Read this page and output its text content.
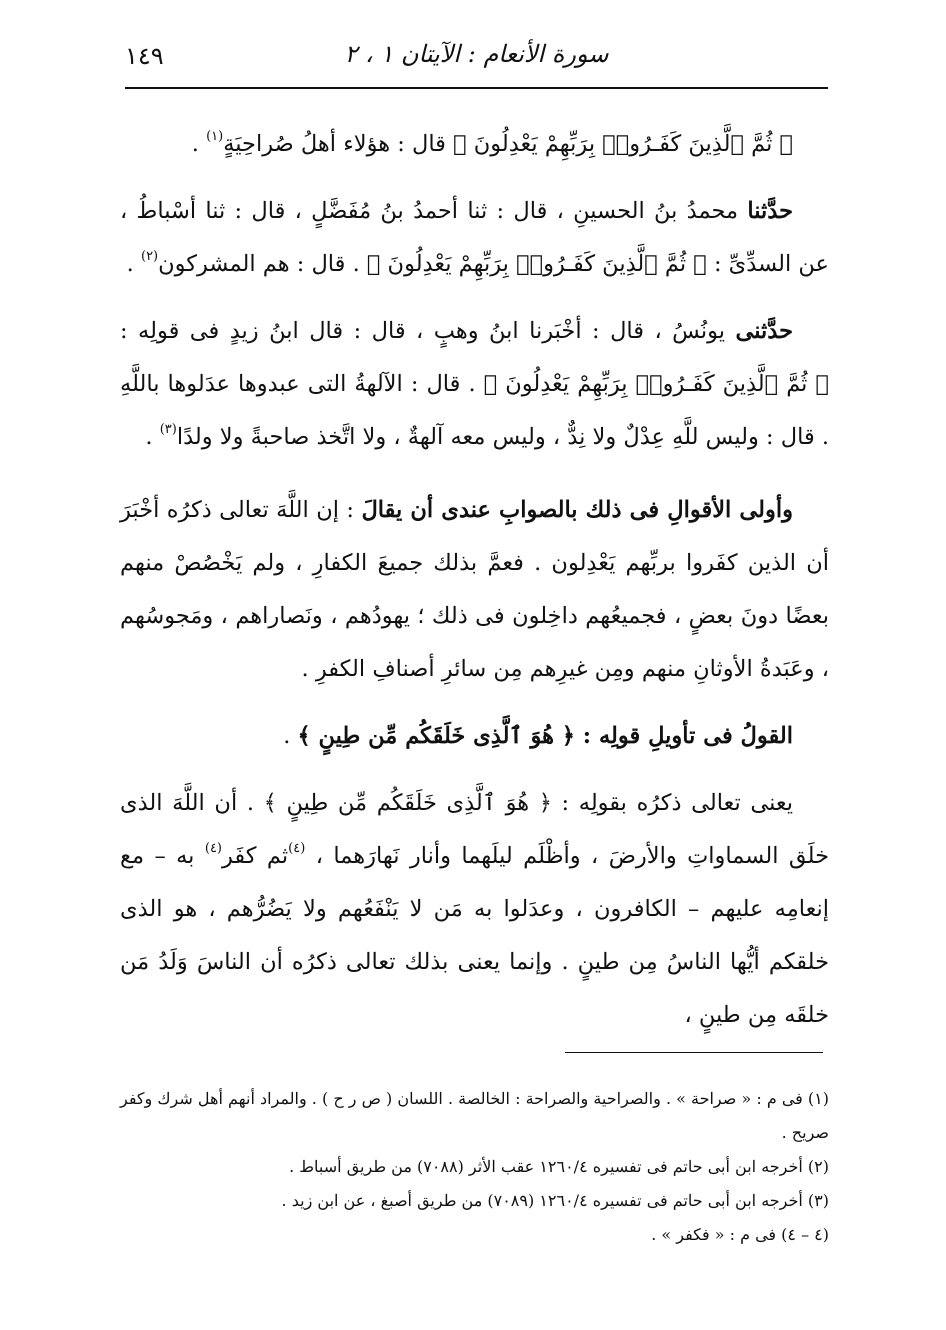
١٤٩	سورة الأنعام : الآيتان ١ ، ٢

﴿ ثُمَّ ٱلَّذِينَ كَفَـرُوا۟ بِرَبِّهِمْ يَعْدِلُونَ ﴾ قال : هؤلاء أهلُ صُراحِيَةٍ$^{(١)}$ .

حدَّثنا محمدُ بنُ الحسينِ ، قال : ثنا أحمدُ بنُ مُفَضَّلٍ ، قال : ثنا أسْباطُ ، عن السدِّىِّ : ﴿ ثُمَّ ٱلَّذِينَ كَفَـرُوا۟ بِرَبِّهِمْ يَعْدِلُونَ ﴾ . قال : هم المشركون$^{(٢)}$ .

حدَّثنى يونُسُ ، قال : أخْبَرنا ابنُ وهبٍ ، قال : قال ابنُ زيدٍ فى قولِه : ﴿ ثُمَّ ٱلَّذِينَ كَفَـرُوا۟ بِرَبِّهِمْ يَعْدِلُونَ ﴾ . قال : الآلهةُ التى عبدوها عدَلوها باللَّهِ . قال : وليس للَّهِ عِدْلٌ ولا نِدٌّ ، وليس معه آلهةٌ ، ولا اتَّخذ صاحبةً ولا ولدًا$^{(٣)}$ .

وأولى الأقوالِ فى ذلك بالصوابِ عندى أن يقالَ : إن اللَّهَ تعالى ذكرُه أخْبَرَ أن الذين كفَروا بربِّهم يَعْدِلون . فعمَّ بذلك جميعَ الكفارِ ، ولم يَخْصُصْ منهم بعضًا دونَ بعضٍ ، فجميعُهم داخِلون فى ذلك ؛ يهودُهم ، ونَصاراهم ، ومَجوسُهم ، وعَبَدةُ الأوثانِ منهم ومِن غيرِهم مِن سائرِ أصنافِ الكفرِ .

القولُ فى تأويلِ قولِه : ﴿ هُوَ ٱلَّذِى خَلَقَكُم مِّن طِينٍ ﴾ .

يعنى تعالى ذكرُه بقولِه : ﴿ هُوَ ٱلَّذِى خَلَقَكُم مِّن طِينٍ ﴾ . أن اللَّهَ الذى خلَق السماواتِ والأرضَ ، وأظْلَم ليلَهما وأنار نَهارَهما ، $^{(٤)}$ثم كفَر$^{(٤)}$ به – مع إنعامِه عليهم – الكافرون ، وعدَلوا به مَن لا يَنْفَعُهم ولا يَضُرُّهم ، هو الذى خلقكم أيُّها الناسُ مِن طينٍ . وإنما يعنى بذلك تعالى ذكرُه أن الناسَ وَلَدُ مَن خلقَه مِن طينٍ ،

(١) فى م : « صراحة » . والصراحية والصراحة : الخالصة . اللسان ( ص ر ح ) . والمراد أنهم أهل شرك وكفر صريح .

(٢) أخرجه ابن أبى حاتم فى تفسيره ١٢٦٠/٤ عقب الأثر (٧٠٨٨) من طريق أسباط .

(٣) أخرجه ابن أبى حاتم فى تفسيره ١٢٦٠/٤ (٧٠٨٩) من طريق أصبغ ، عن ابن زيد .

(٤ – ٤) فى م : « فكفر » .
